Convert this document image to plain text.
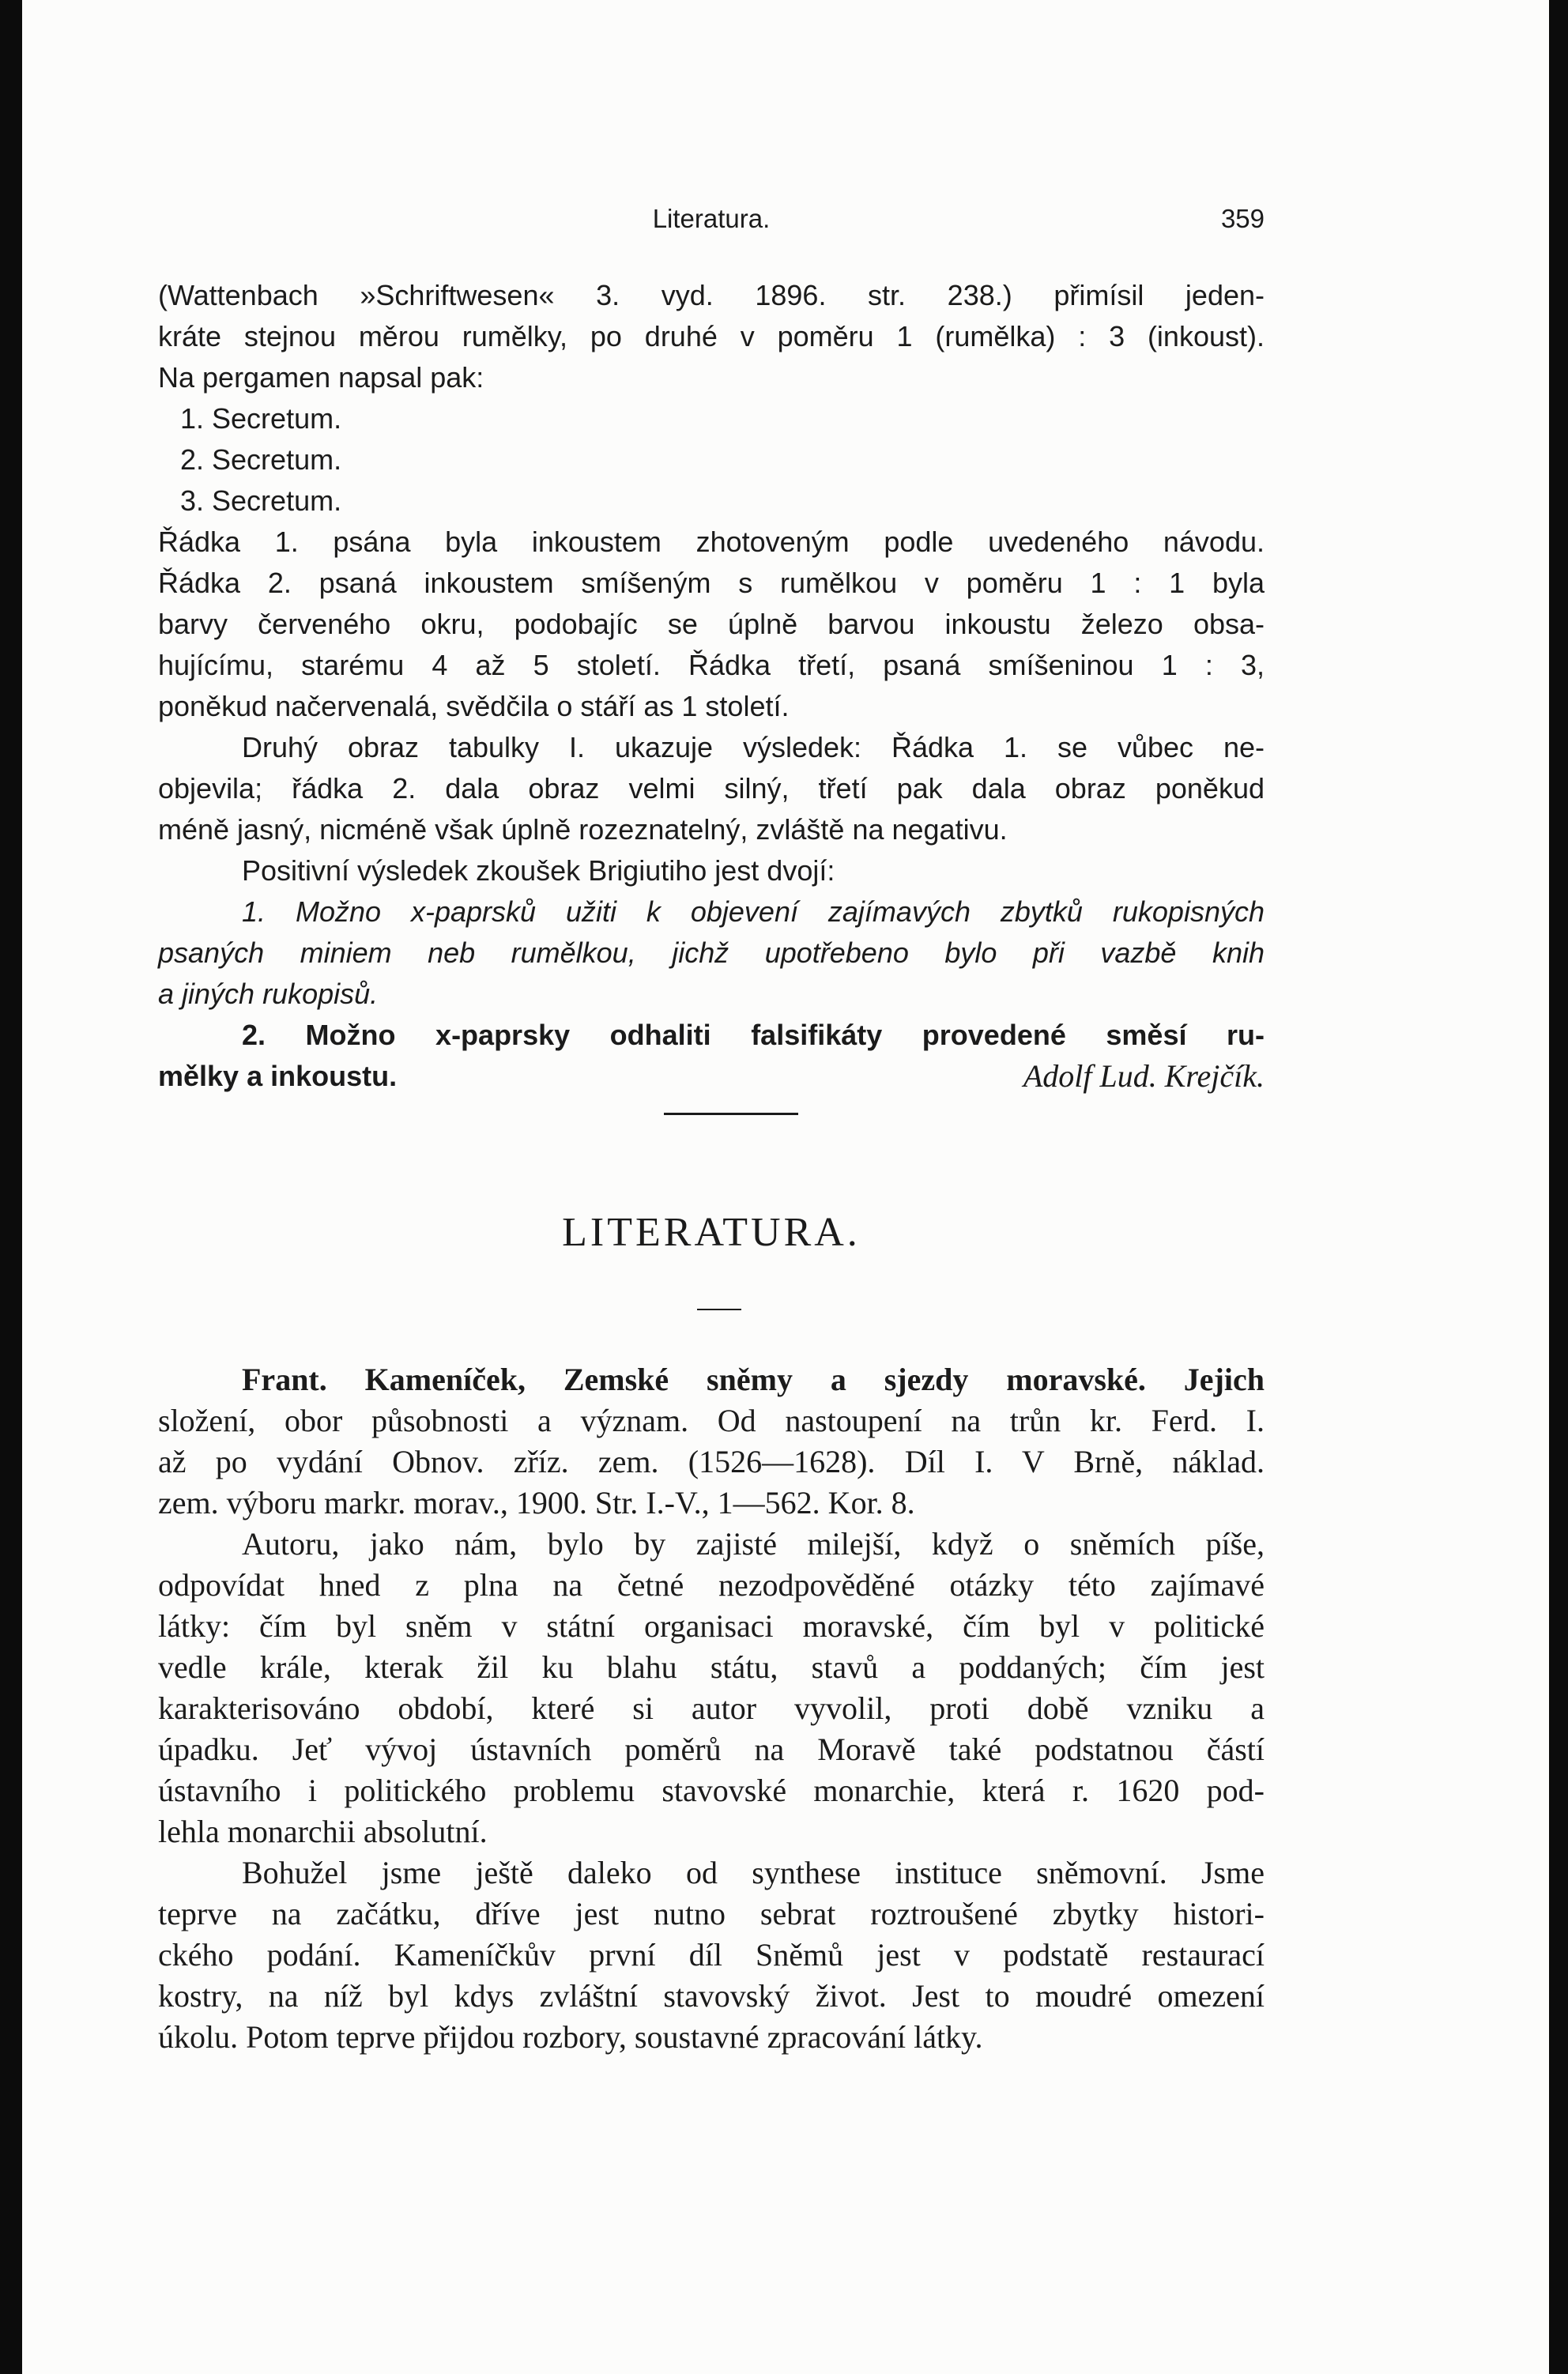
Literatura.	359

(Wattenbach »Schriftwesen« 3. vyd. 1896. str. 238.) přimísil jeden-

kráte stejnou měrou rumělky, po druhé v poměru 1 (rumělka) : 3 (inkoust).

Na pergamen napsal pak:

1. Secretum.

2. Secretum.

3. Secretum.

Řádka 1. psána byla inkoustem zhotoveným podle uvedeného návodu.

Řádka 2. psaná inkoustem smíšeným s rumělkou v poměru 1 : 1 byla

barvy červeného okru, podobajíc se úplně barvou inkoustu železo obsa-

hujícímu, starému 4 až 5 století. Řádka třetí, psaná smíšeninou 1 : 3,

poněkud načervenalá, svědčila o stáří as 1 století.

Druhý obraz tabulky I. ukazuje výsledek: Řádka 1. se vůbec ne-

objevila; řádka 2. dala obraz velmi silný, třetí pak dala obraz poněkud

méně jasný, nicméně však úplně rozeznatelný, zvláště na negativu.

Positivní výsledek zkoušek Brigiutiho jest dvojí:

1. Možno x-paprsků užiti k objevení zajímavých zbytků rukopisných

psaných miniem neb rumělkou, jichž upotřebeno bylo při vazbě knih

a jiných rukopisů.

2. Možno x-paprsky odhaliti falsifikáty provedené směsí ru-

mělky a inkoustu.	Adolf Lud. Krejčík.

LITERATURA.

Frant. Kameníček, Zemské sněmy a sjezdy moravské. Jejich

složení, obor působnosti a význam. Od nastoupení na trůn kr. Ferd. I.

až po vydání Obnov. zříz. zem. (1526—1628). Díl I. V Brně, náklad.

zem. výboru markr. morav., 1900. Str. I.-V., 1—562. Kor. 8.

Autoru, jako nám, bylo by zajisté milejší, když o sněmích píše,

odpovídat hned z plna na četné nezodpověděné otázky této zajímavé

látky: čím byl sněm v státní organisaci moravské, čím byl v politické

vedle krále, kterak žil ku blahu státu, stavů a poddaných; čím jest

karakterisováno období, které si autor vyvolil, proti době vzniku a

úpadku. Jeť vývoj ústavních poměrů na Moravě také podstatnou částí

ústavního i politického problemu stavovské monarchie, která r. 1620 pod-

lehla monarchii absolutní.

Bohužel jsme ještě daleko od synthese instituce sněmovní. Jsme

teprve na začátku, dříve jest nutno sebrat roztroušené zbytky histori-

ckého podání. Kameníčkův první díl Sněmů jest v podstatě restaurací

kostry, na níž byl kdys zvláštní stavovský život. Jest to moudré omezení

úkolu. Potom teprve přijdou rozbory, soustavné zpracování látky.
